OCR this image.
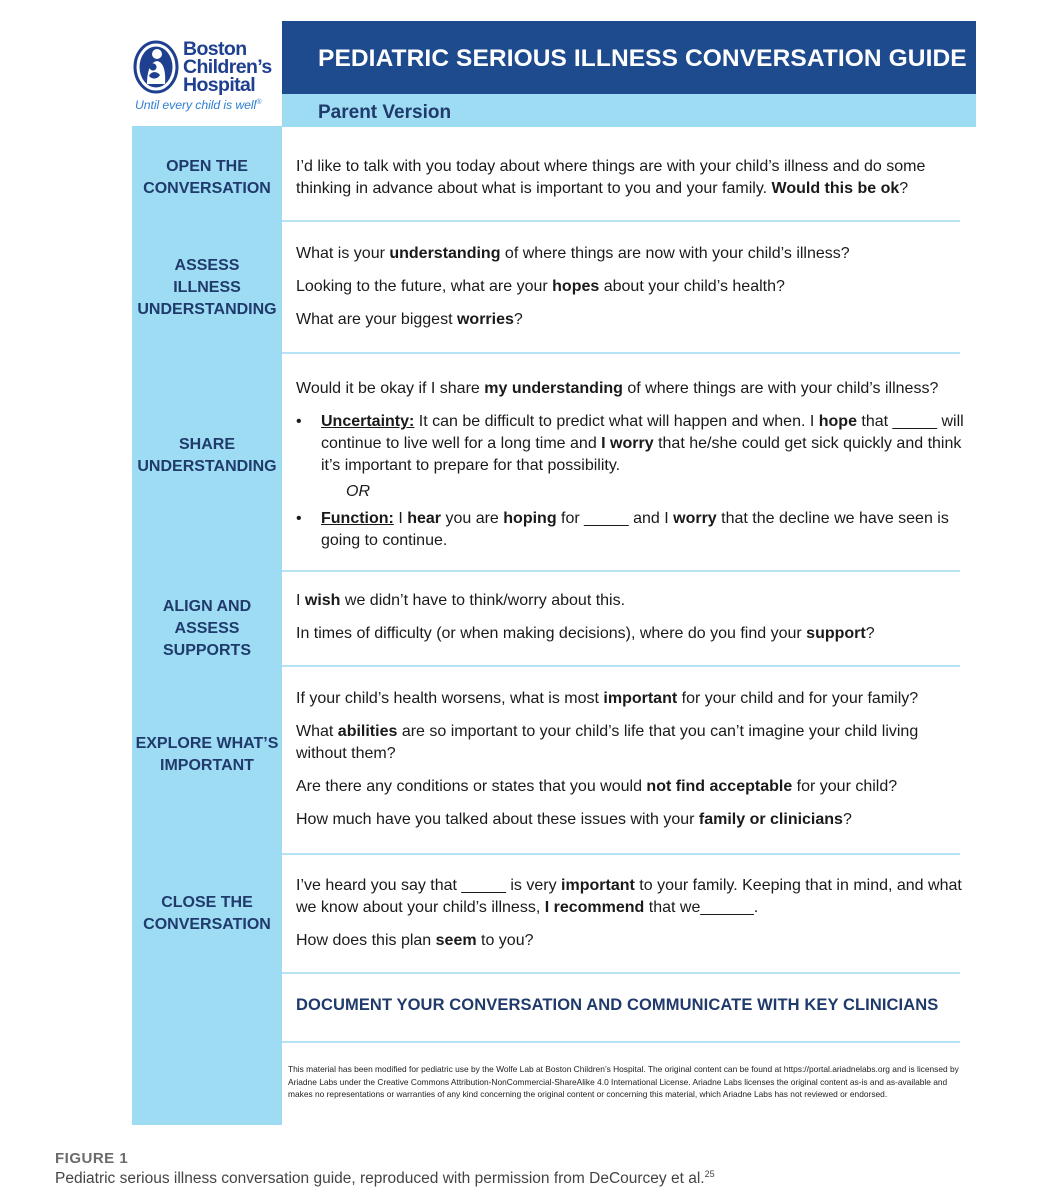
Boston
Children’s
Hospital
Until every child is well®
PEDIATRIC SERIOUS ILLNESS CONVERSATION GUIDE
Parent Version
OPEN THE
CONVERSATION
ASSESS
ILLNESS
UNDERSTANDING
SHARE
UNDERSTANDING
ALIGN AND
ASSESS SUPPORTS
EXPLORE WHAT’S
IMPORTANT
CLOSE THE
CONVERSATION

I’d like to talk with you today about where things are with your child’s illness and do some thinking in advance about what is important to you and your family. Would this be ok?

What is your understanding of where things are now with your child’s illness?

Looking to the future, what are your hopes about your child’s health?

What are your biggest worries?

Would it be okay if I share my understanding of where things are with your child’s illness?

• Uncertainty: It can be difficult to predict what will happen and when. I hope that _____ will continue to live well for a long time and I worry that he/she could get sick quickly and think it’s important to prepare for that possibility.
OR
• Function: I hear you are hoping for _____ and I worry that the decline we have seen is going to continue.

I wish we didn’t have to think/worry about this.

In times of difficulty (or when making decisions), where do you find your support?

If your child’s health worsens, what is most important for your child and for your family?

What abilities are so important to your child’s life that you can’t imagine your child living without them?

Are there any conditions or states that you would not find acceptable for your child?

How much have you talked about these issues with your family or clinicians?

I’ve heard you say that _____ is very important to your family. Keeping that in mind, and what we know about your child’s illness, I recommend that we______.

How does this plan seem to you?

DOCUMENT YOUR CONVERSATION AND COMMUNICATE WITH KEY CLINICIANS
This material has been modified for pediatric use by the Wolfe Lab at Boston Children’s Hospital. The original content can be found at https://portal.ariadnelabs.org and is licensed by Ariadne Labs under the Creative Commons Attribution-NonCommercial-ShareAlike 4.0 International License. Ariadne Labs licenses the original content as-is and as-available and makes no representations or warranties of any kind concerning the original content or concerning this material, which Ariadne Labs has not reviewed or endorsed.
FIGURE 1
Pediatric serious illness conversation guide, reproduced with permission from DeCourcey et al.$^{25}$
